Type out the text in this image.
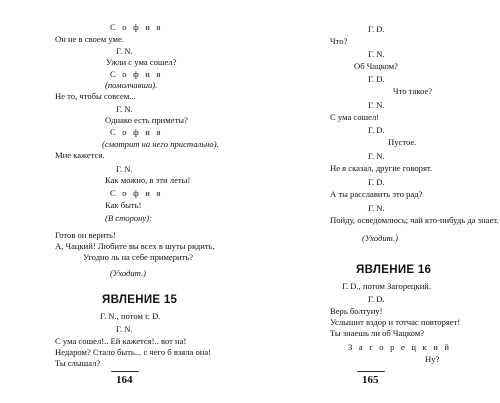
С о ф и я
Он не в своем уме.
Г. N.
Ужли с ума сошел?
С о ф и я
(помолчавши).
Не то, чтобы совсем...
Г. N.
Однако есть приметы?
С о ф и я
(смотрит на него пристально).
Мне кажется.
Г. N.
Как можно, в эти леты!
С о ф и я
Как быть!
(В сторону):
Готов он верить!
А, Чацкий! Любите вы всех в шуты рядить,
Угодно ль на себе примерить?
(Уходит.)
ЯВЛЕНИЕ 15
Г. N., потом г. D.
Г. N.
С ума сошел!.. Ей кажется!.. вот на!
Недаром? Стало быть... с чего б взяла она!
Ты слышал?
164
Г. D.
Что?
Г. N.
Об Чацком?
Г. D.
Что такое?
Г. N.
С ума сошел!
Г. D.
Пустое.
Г. N.
Не я сказал, другие говорят.
Г. D.
А ты расславить это рад?
Г. N.
Пойду, осведомлюсь; чай кто-нибудь да знает.
(Уходит.)
ЯВЛЕНИЕ 16
Г. D., потом Загорецкий.
Г. D.
Верь болтуну!
Услышит вздор и тотчас повторяет!
Ты знаешь ли об Чацком?
З а г о р е ц к и й
Ну?
165
